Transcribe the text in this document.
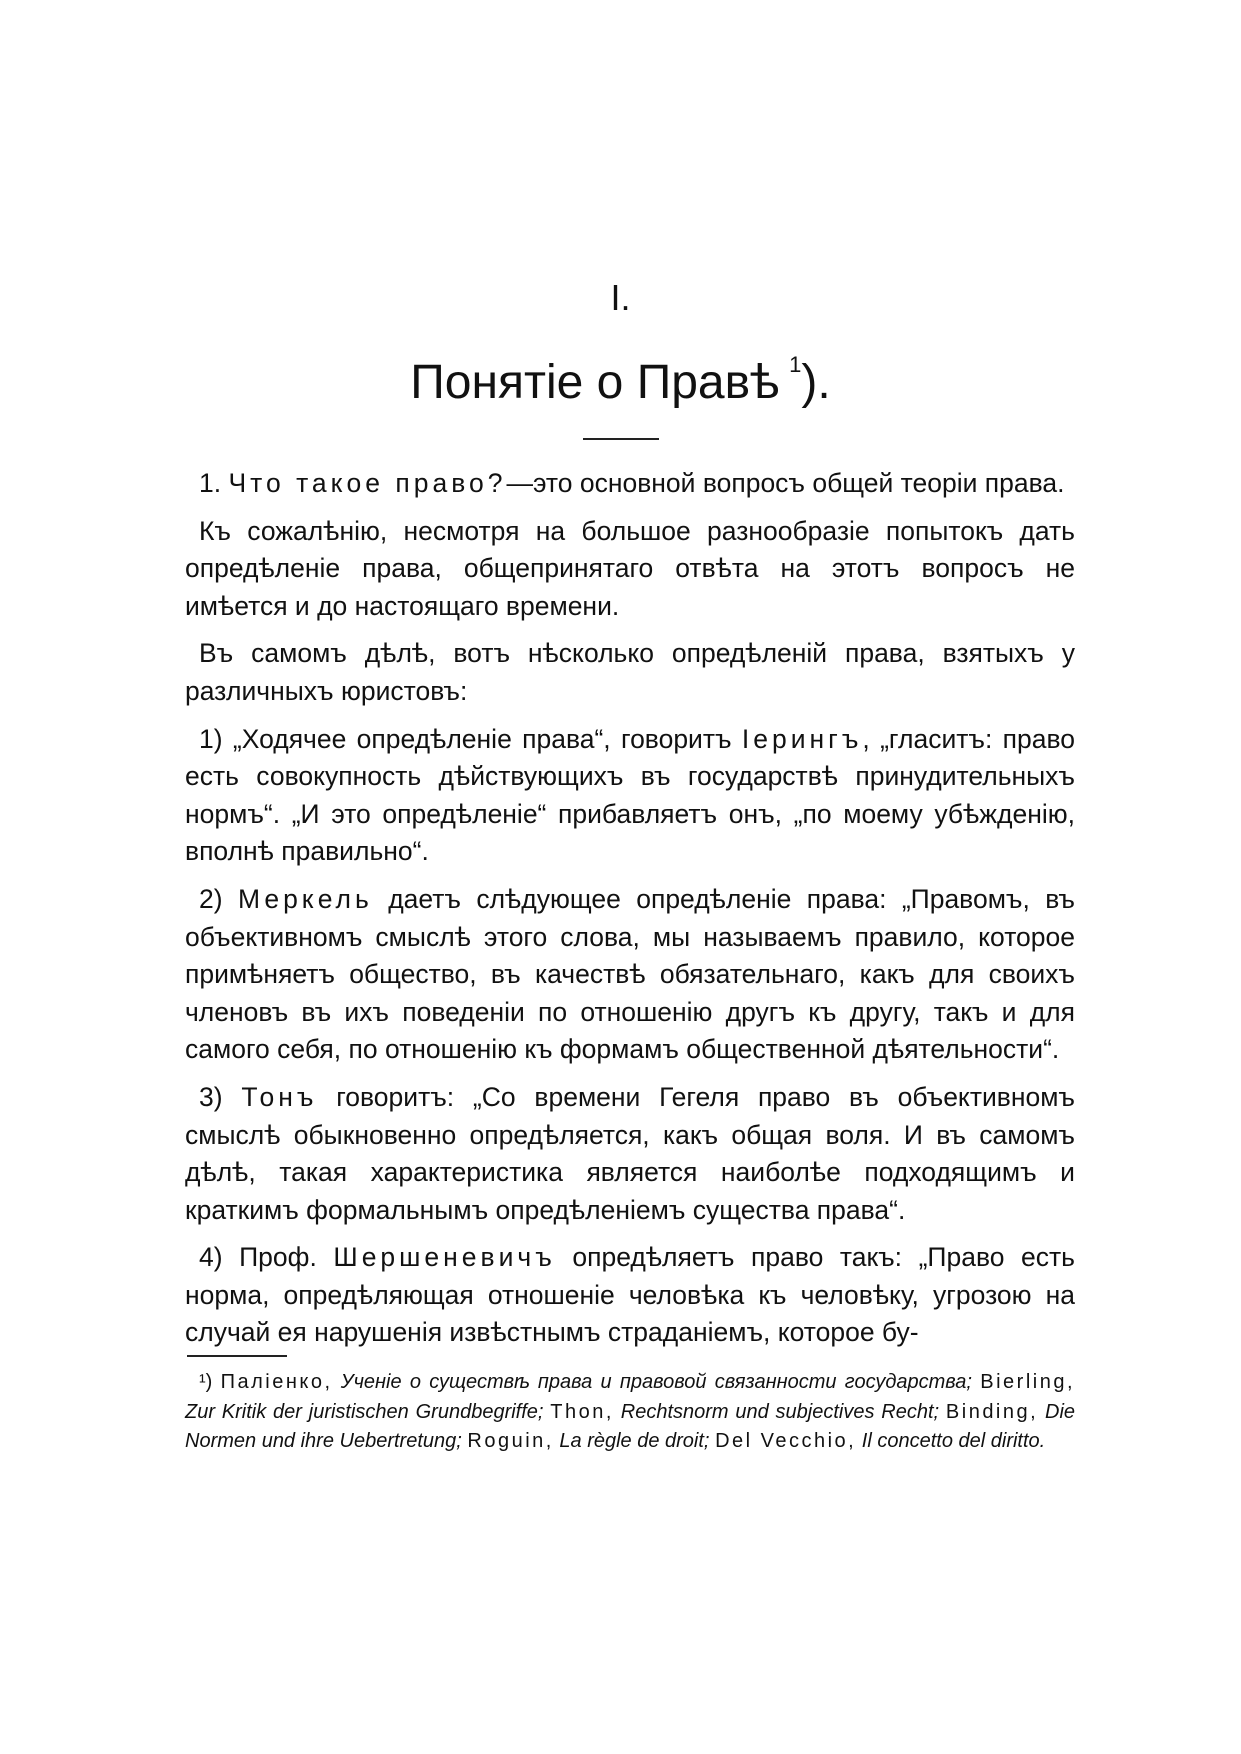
I.
Понятіе о Правѣ  $^1$).

1. Что такое право?—это основной вопросъ общей теоріи права.

Къ сожалѣнію, несмотря на большое разнообразіе попытокъ дать опредѣленіе права, общепринятаго отвѣта на этотъ вопросъ не имѣется и до настоящаго времени.

Въ самомъ дѣлѣ, вотъ нѣсколько опредѣленій права, взятыхъ у различныхъ юристовъ:

1) „Ходячее опредѣленіе права“, говоритъ Іерингъ, „гласитъ: право есть совокупность дѣйствующихъ въ государствѣ принудительныхъ нормъ“. „И это опредѣленіе“ прибавляетъ онъ, „по моему убѣжденію, вполнѣ правильно“.

2) Меркель даетъ слѣдующее опредѣленіе права: „Правомъ, въ объективномъ смыслѣ этого слова, мы называемъ правило, которое примѣняетъ общество, въ качествѣ обязательнаго, какъ для своихъ членовъ въ ихъ поведеніи по отношенію другъ къ другу, такъ и для самого себя, по отношенію къ формамъ общественной дѣятельности“.

3) Тонъ говоритъ: „Со времени Гегеля право въ объективномъ смыслѣ обыкновенно опредѣляется, какъ общая воля. И въ самомъ дѣлѣ, такая характеристика является наиболѣе подходящимъ и краткимъ формальнымъ опредѣленіемъ существа права“.

4) Проф. Шершеневичъ опредѣляетъ право такъ: „Право есть норма, опредѣляющая отношеніе человѣка къ человѣку, угрозою на случай ея нарушенія извѣстнымъ страданіемъ, которое бу-

¹) Паліенко, Ученіе о существѣ права и правовой связанности государства; Bierling, Zur Kritik der juristischen Grundbegriffe; Thon, Rechtsnorm und subjectives Recht; Binding, Die Normen und ihre Uebertretung; Roguin, La règle de droit; Del Vecchio, Il concetto del diritto.
